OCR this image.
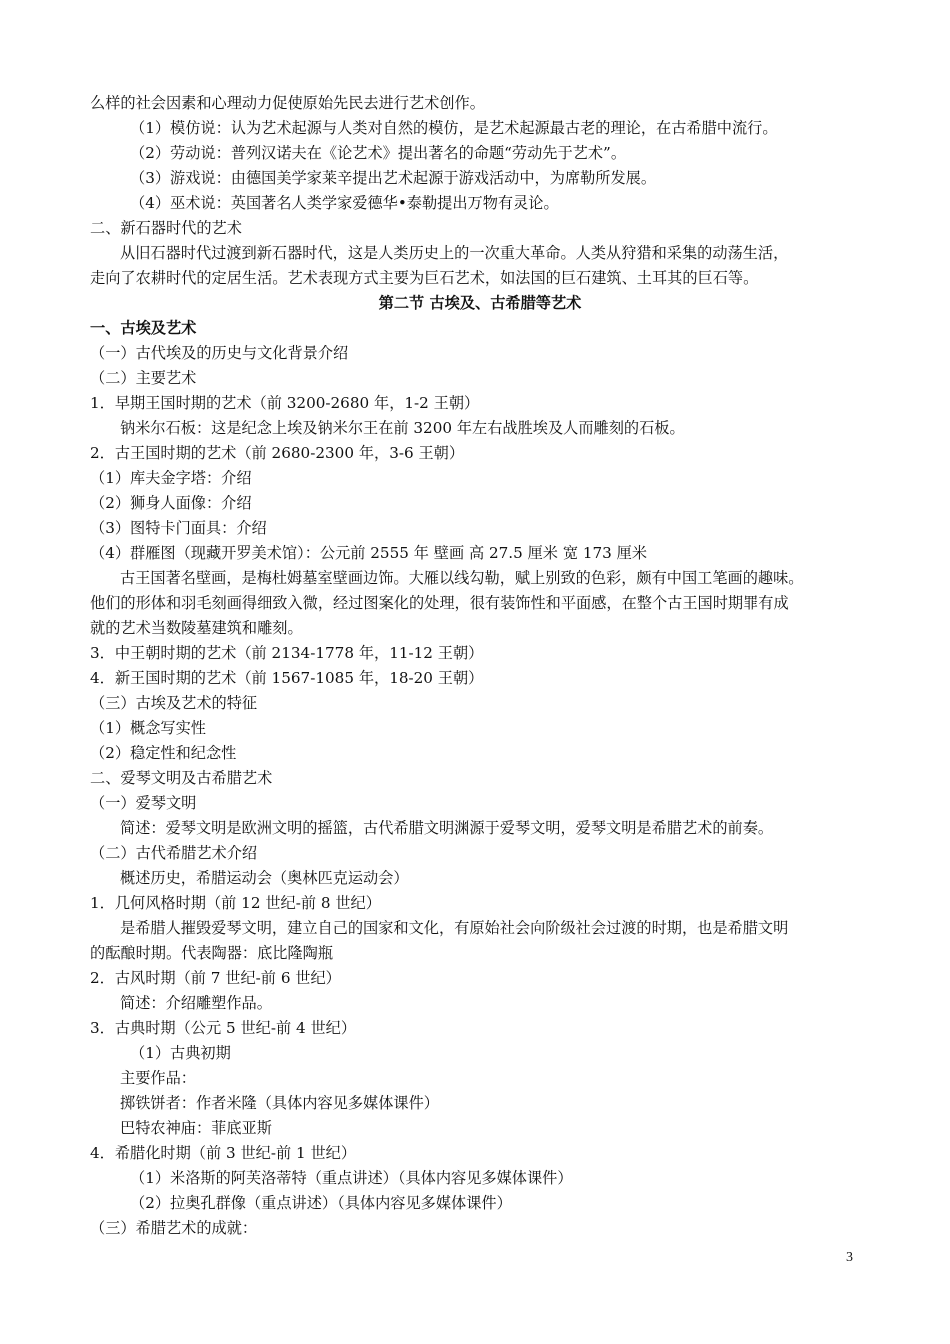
么样的社会因素和心理动力促使原始先民去进行艺术创作。
（1）模仿说：认为艺术起源与人类对自然的模仿，是艺术起源最古老的理论，在古希腊中流行。
（2）劳动说：普列汉诺夫在《论艺术》提出著名的命题“劳动先于艺术”。
（3）游戏说：由德国美学家莱辛提出艺术起源于游戏活动中，为席勒所发展。
（4）巫术说：英国著名人类学家爱德华•泰勒提出万物有灵论。
二、新石器时代的艺术
从旧石器时代过渡到新石器时代，这是人类历史上的一次重大革命。人类从狩猎和采集的动荡生活，
走向了农耕时代的定居生活。艺术表现方式主要为巨石艺术，如法国的巨石建筑、土耳其的巨石等。
第二节 古埃及、古希腊等艺术
一、古埃及艺术
（一）古代埃及的历史与文化背景介绍
（二）主要艺术
1．早期王国时期的艺术（前 3200-2680 年，1-2 王朝）
钠米尔石板：这是纪念上埃及钠米尔王在前 3200 年左右战胜埃及人而雕刻的石板。
2．古王国时期的艺术（前 2680-2300 年，3-6 王朝）
（1）库夫金字塔：介绍
（2）狮身人面像：介绍
（3）图特卡门面具：介绍
（4）群雁图（现藏开罗美术馆）：公元前 2555 年 壁画 高 27.5 厘米 宽 173 厘米
古王国著名壁画，是梅杜姆墓室壁画边饰。大雁以线勾勒，赋上别致的色彩，颇有中国工笔画的趣味。
他们的形体和羽毛刻画得细致入微，经过图案化的处理，很有装饰性和平面感，在整个古王国时期罪有成
就的艺术当数陵墓建筑和雕刻。
3．中王朝时期的艺术（前 2134-1778 年，11-12 王朝）
4．新王国时期的艺术（前 1567-1085 年，18-20 王朝）
（三）古埃及艺术的特征
（1）概念写实性
（2）稳定性和纪念性
二、爱琴文明及古希腊艺术
（一）爱琴文明
简述：爱琴文明是欧洲文明的摇篮，古代希腊文明渊源于爱琴文明，爱琴文明是希腊艺术的前奏。
（二）古代希腊艺术介绍
概述历史，希腊运动会（奥林匹克运动会）
1．几何风格时期（前 12 世纪-前 8 世纪）
是希腊人摧毁爱琴文明，建立自己的国家和文化，有原始社会向阶级社会过渡的时期，也是希腊文明
的酝酿时期。代表陶器：底比隆陶瓶
2．古风时期（前 7 世纪-前 6 世纪）
简述：介绍雕塑作品。
3．古典时期（公元 5 世纪-前 4 世纪）
（1）古典初期
主要作品：
掷铁饼者：作者米隆（具体内容见多媒体课件）
巴特农神庙：菲底亚斯
4．希腊化时期（前 3 世纪-前 1 世纪）
（1）米洛斯的阿芙洛蒂特（重点讲述）（具体内容见多媒体课件）
（2）拉奥孔群像（重点讲述）（具体内容见多媒体课件）
（三）希腊艺术的成就：
3
